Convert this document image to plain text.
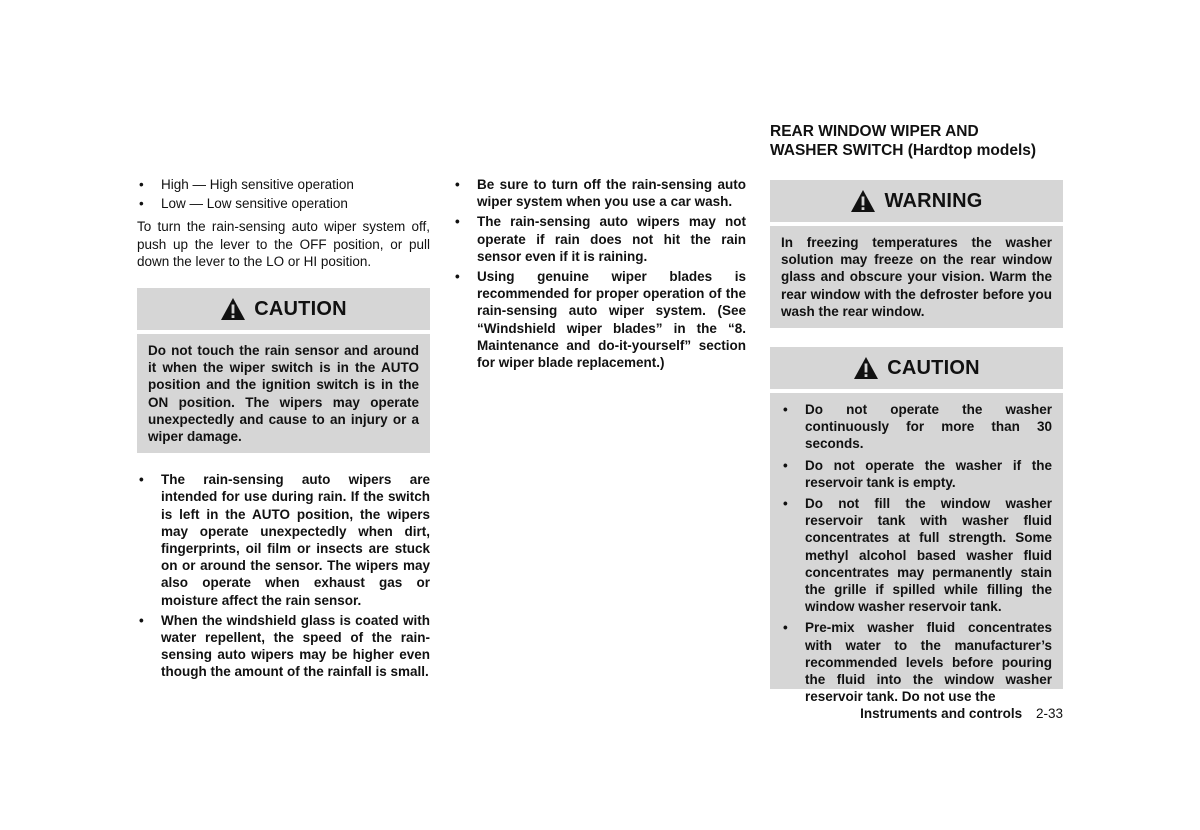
• High — High sensitive operation
• Low — Low sensitive operation

To turn the rain-sensing auto wiper system off, push up the lever to the OFF position, or pull down the lever to the LO or HI position.

CAUTION
Do not touch the rain sensor and around it when the wiper switch is in the AUTO position and the ignition switch is in the ON position. The wipers may operate unexpectedly and cause to an injury or a wiper damage.
• The rain-sensing auto wipers are intended for use during rain. If the switch is left in the AUTO position, the wipers may operate unexpectedly when dirt, fingerprints, oil film or insects are stuck on or around the sensor. The wipers may also operate when exhaust gas or moisture affect the rain sensor.
• When the windshield glass is coated with water repellent, the speed of the rain-sensing auto wipers may be higher even though the amount of the rainfall is small.
• Be sure to turn off the rain-sensing auto wiper system when you use a car wash.
• The rain-sensing auto wipers may not operate if rain does not hit the rain sensor even if it is raining.
• Using genuine wiper blades is recommended for proper operation of the rain-sensing auto wiper system. (See “Windshield wiper blades” in the “8. Maintenance and do-it-yourself” section for wiper blade replacement.)
REAR WINDOW WIPER AND
WASHER SWITCH (Hardtop models)
WARNING
In freezing temperatures the washer solution may freeze on the rear window glass and obscure your vision. Warm the rear window with the defroster before you wash the rear window.
CAUTION
• Do not operate the washer continuously for more than 30 seconds.
• Do not operate the washer if the reservoir tank is empty.
• Do not fill the window washer reservoir tank with washer fluid concentrates at full strength. Some methyl alcohol based washer fluid concentrates may permanently stain the grille if spilled while filling the window washer reservoir tank.
• Pre-mix washer fluid concentrates with water to the manufacturer’s recommended levels before pouring the fluid into the window washer reservoir tank. Do not use the
Instruments and controls 2-33
